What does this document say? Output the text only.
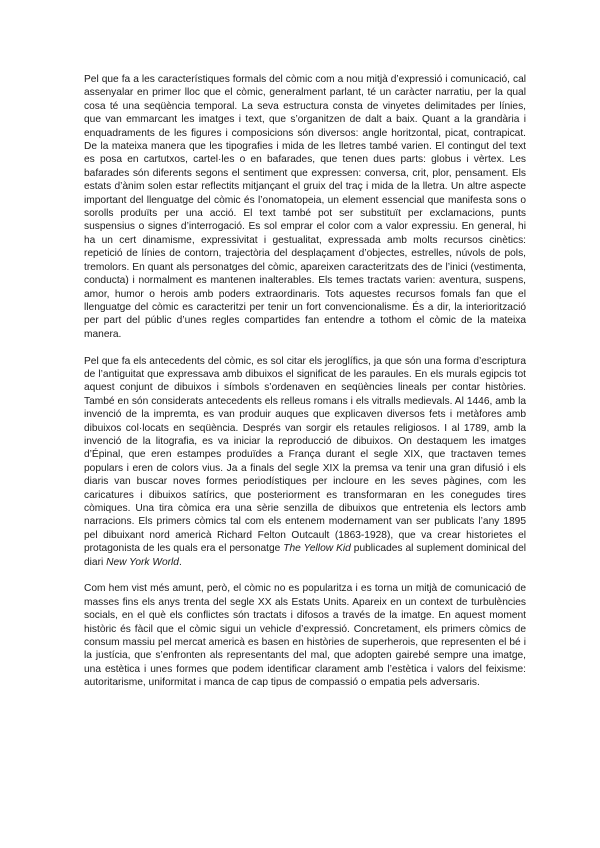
Pel que fa a les característiques formals del còmic com a nou mitjà d’expressió i comunicació, cal assenyalar en primer lloc que el còmic, generalment parlant, té un caràcter narratiu, per la qual cosa té una seqüència temporal. La seva estructura consta de vinyetes delimitades per línies, que van emmarcant les imatges i text, que s’organitzen de dalt a baix. Quant a la grandària i enquadraments de les figures i composicions són diversos: angle horitzontal, picat, contrapicat. De la mateixa manera que les tipografies i mida de les lletres també varien. El contingut del text es posa en cartutxos, cartel·les o en bafarades, que tenen dues parts: globus i vèrtex. Les bafarades són diferents segons el sentiment que expressen: conversa, crit, plor, pensament. Els estats d’ànim solen estar reflectits mitjançant el gruix del traç i mida de la lletra. Un altre aspecte important del llenguatge del còmic és l’onomatopeia, un element essencial que manifesta sons o sorolls produïts per una acció. El text també pot ser substituït per exclamacions, punts suspensius o signes d’interrogació. Es sol emprar el color com a valor expressiu. En general, hi ha un cert dinamisme, expressivitat i gestualitat, expressada amb molts recursos cinètics: repetició de línies de contorn, trajectòria del desplaçament d’objectes, estrelles, núvols de pols, tremolors. En quant als personatges del còmic, apareixen caracteritzats des de l’inici (vestimenta, conducta) i normalment es mantenen inalterables. Els temes tractats varien: aventura, suspens, amor, humor o herois amb poders extraordinaris. Tots aquestes recursos fomals fan que el llenguatge del còmic es caracteritzi per tenir un fort convencionalisme. És a dir, la interiorització per part del públic d’unes regles compartides fan entendre a tothom el còmic de la mateixa manera.

Pel que fa els antecedents del còmic, es sol citar els jeroglífics, ja que són una forma d’escriptura de l’antiguitat que expressava amb dibuixos el significat de les paraules. En els murals egipcis tot aquest conjunt de dibuixos i símbols s’ordenaven en seqüències lineals per contar històries. També en són considerats antecedents els relleus romans i els vitralls medievals. Al 1446, amb la invenció de la impremta, es van produir auques que explicaven diversos fets i metàfores amb dibuixos col·locats en seqüència. Després van sorgir els retaules religiosos. I al 1789, amb la invenció de la litografia, es va iniciar la reproducció de dibuixos. On destaquem les imatges d’Épinal, que eren estampes produïdes a França durant el segle XIX, que tractaven temes populars i eren de colors vius. Ja a finals del segle XIX la premsa va tenir una gran difusió i els diaris van buscar noves formes periodístiques per incloure en les seves pàgines, com les caricatures i dibuixos satírics, que posteriorment es transformaran en les conegudes tires còmiques. Una tira còmica era una sèrie senzilla de dibuixos que entretenia els lectors amb narracions. Els primers còmics tal com els entenem modernament van ser publicats l’any 1895 pel dibuixant nord americà Richard Felton Outcault (1863-1928), que va crear historietes el protagonista de les quals era el personatge The Yellow Kid publicades al suplement dominical del diari New York World.

Com hem vist més amunt, però, el còmic no es popularitza i es torna un mitjà de comunicació de masses fins els anys trenta del segle XX als Estats Units. Apareix en un context de turbulències socials, en el què els conflictes són tractats i difosos a través de la imatge. En aquest moment històric és fàcil que el còmic sigui un vehicle d’expressió. Concretament, els primers còmics de consum massiu pel mercat americà es basen en històries de superherois, que representen el bé i la justícia, que s’enfronten als representants del mal, que adopten gairebé sempre una imatge, una estètica i unes formes que podem identificar clarament amb l’estètica i valors del feixisme: autoritarisme, uniformitat i manca de cap tipus de compassió o empatia pels adversaris.
